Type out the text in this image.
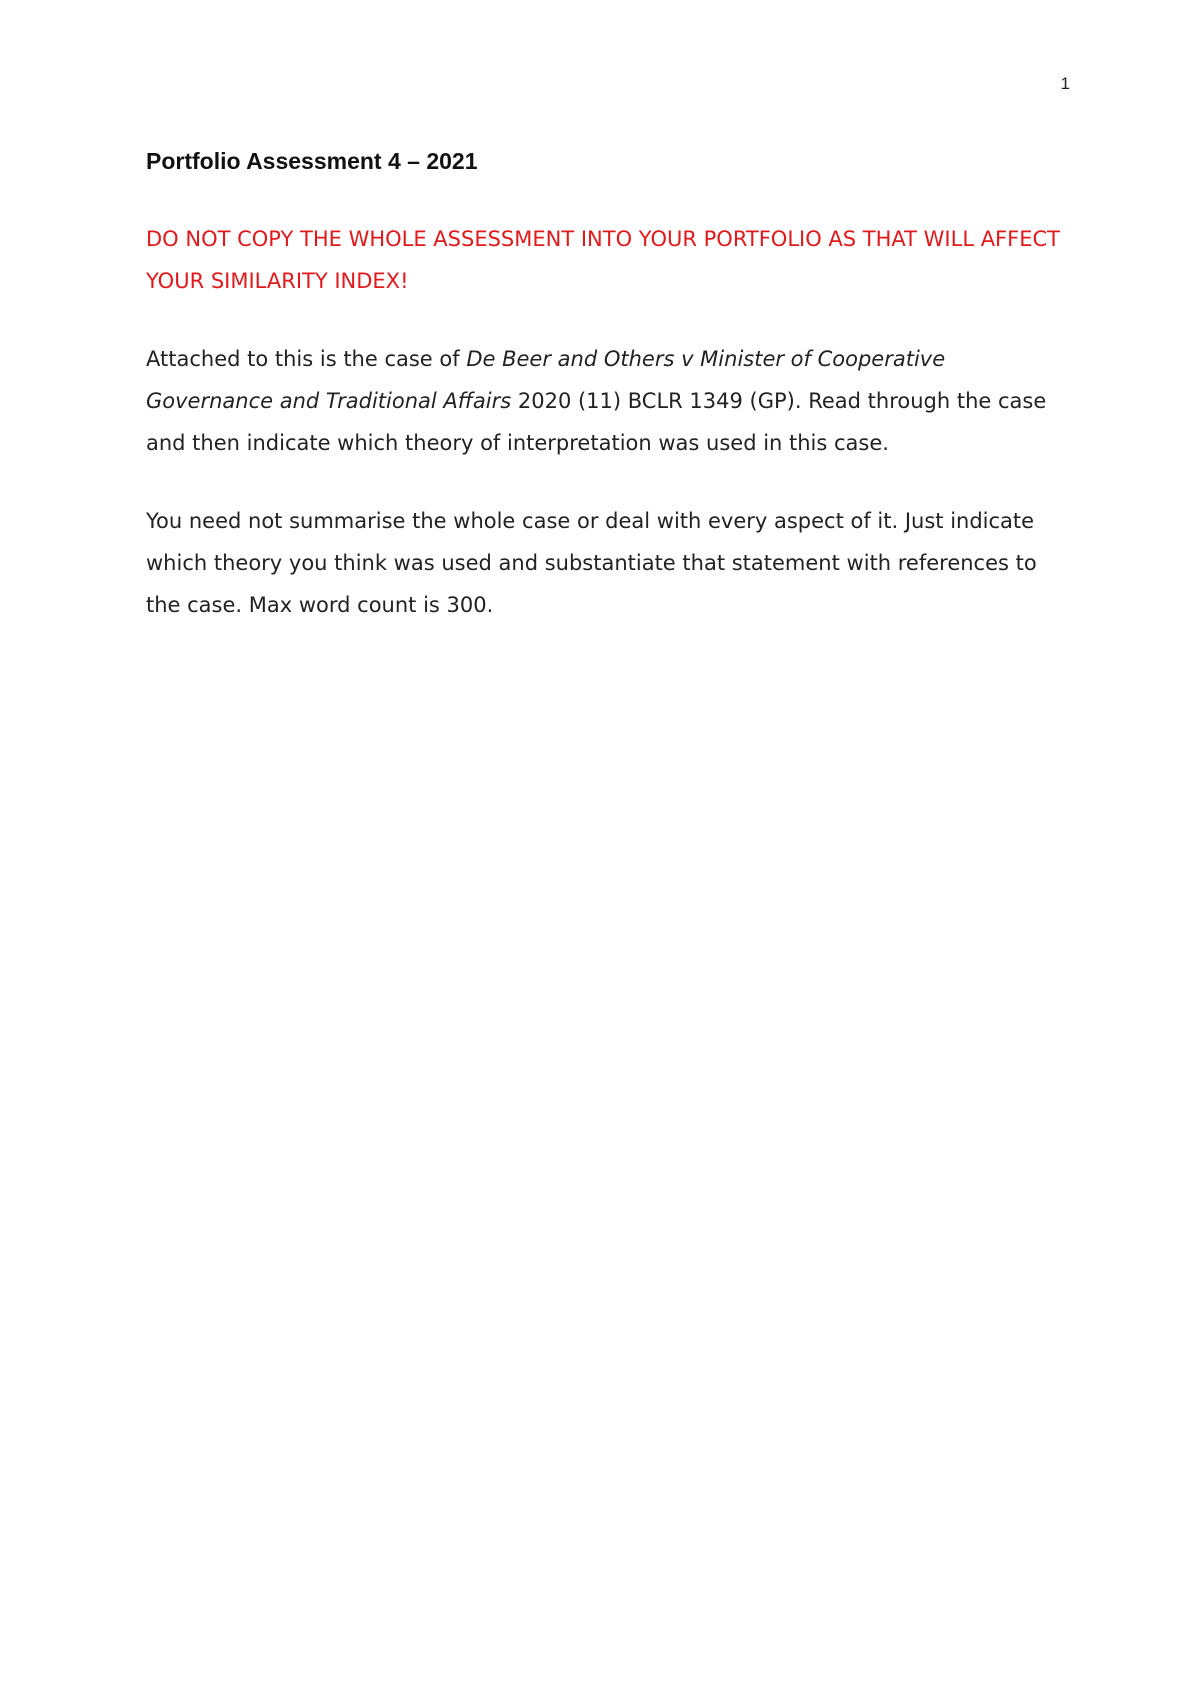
1

Portfolio Assessment 4 – 2021

DO NOT COPY THE WHOLE ASSESSMENT INTO YOUR PORTFOLIO AS THAT WILL AFFECT YOUR SIMILARITY INDEX!

Attached to this is the case of De Beer and Others v Minister of Cooperative Governance and Traditional Affairs 2020 (11) BCLR 1349 (GP). Read through the case and then indicate which theory of interpretation was used in this case.

You need not summarise the whole case or deal with every aspect of it. Just indicate which theory you think was used and substantiate that statement with references to the case. Max word count is 300.
